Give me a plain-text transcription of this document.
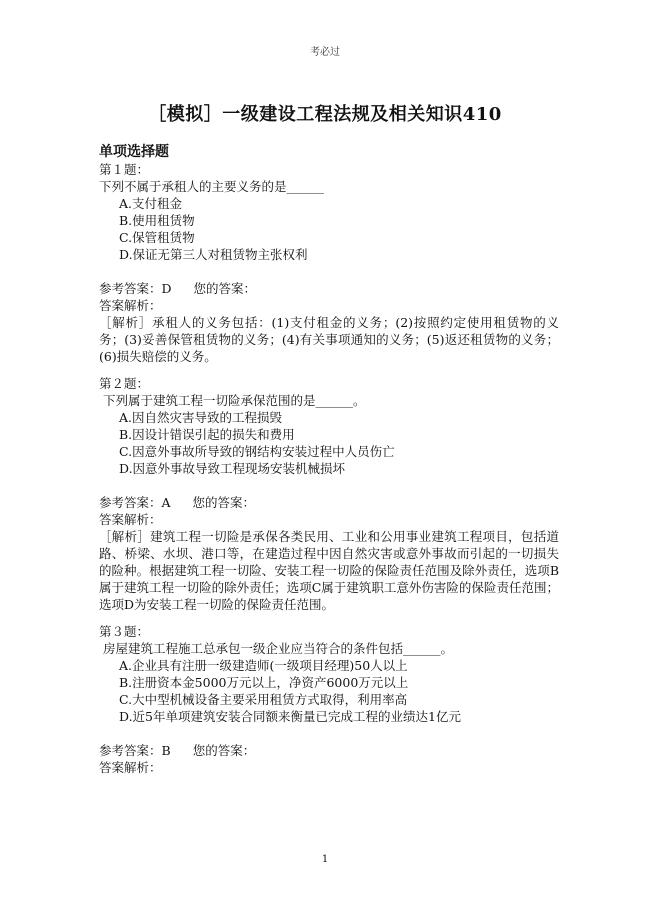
考必过
［模拟］一级建设工程法规及相关知识410
单项选择题
第１题：
下列不属于承租人的主要义务的是______
A.支付租金
B.使用租赁物
C.保管租赁物
D.保证无第三人对租赁物主张权利
参考答案：D 您的答案：
答案解析：
［解析］承租人的义务包括：(1)支付租金的义务；(2)按照约定使用租赁物的义务；(3)妥善保管租赁物的义务；(4)有关事项通知的义务；(5)返还租赁物的义务；(6)损失赔偿的义务。
第２题：
下列属于建筑工程一切险承保范围的是______。
A.因自然灾害导致的工程损毁
B.因设计错误引起的损失和费用
C.因意外事故所导致的钢结构安装过程中人员伤亡
D.因意外事故导致工程现场安装机械损坏
参考答案：A 您的答案：
答案解析：
［解析］建筑工程一切险是承保各类民用、工业和公用事业建筑工程项目，包括道路、桥梁、水坝、港口等，在建造过程中因自然灾害或意外事故而引起的一切损失的险种。根据建筑工程一切险、安装工程一切险的保险责任范围及除外责任，选项B属于建筑工程一切险的除外责任；选项C属于建筑职工意外伤害险的保险责任范围；选项D为安装工程一切险的保险责任范围。
第３题：
房屋建筑工程施工总承包一级企业应当符合的条件包括______。
A.企业具有注册一级建造师(一级项目经理)50人以上
B.注册资本金5000万元以上，净资产6000万元以上
C.大中型机械设备主要采用租赁方式取得，利用率高
D.近5年单项建筑安装合同额来衡量已完成工程的业绩达1亿元
参考答案：B 您的答案：
答案解析：
1
